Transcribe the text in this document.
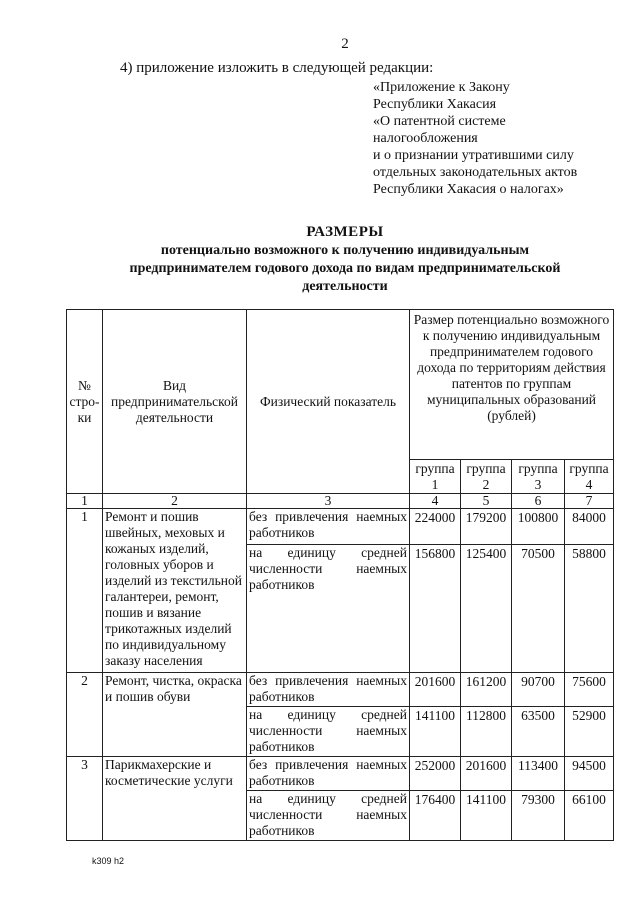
2
4) приложение изложить в следующей редакции:
«Приложение к Закону
Республики Хакасия
«О патентной системе
налогообложения
и о признании утратившими силу
отдельных законодательных актов
Республики Хакасия о налогах»
РАЗМЕРЫ
потенциально возможного к получению индивидуальным предпринимателем годового дохода по видам предпринимательской деятельности
№ стро-ки	Вид предпринимательской деятельности	Физический показатель	Размер потенциально возможного к получению индивидуальным предпринимателем годового дохода по территориям действия патентов по группам муниципальных образований (рублей)			
			группа 1	группа 2	группа 3	группа 4
1	2	3	4	5	6	7
1	Ремонт и пошив швейных, меховых и кожаных изделий, головных уборов и изделий из текстильной галантереи, ремонт, пошив и вязание трикотажных изделий по индивидуальному заказу населения	без привлечения наемных работников	224000	179200	100800	84000
		на единицу средней численности наемных работников	156800	125400	70500	58800
2	Ремонт, чистка, окраска и пошив обуви	без привлечения наемных работников	201600	161200	90700	75600
		на единицу средней численности наемных работников	141100	112800	63500	52900
3	Парикмахерские и косметические услуги	без привлечения наемных работников	252000	201600	113400	94500
		на единицу средней численности наемных работников	176400	141100	79300	66100
k309 h2
